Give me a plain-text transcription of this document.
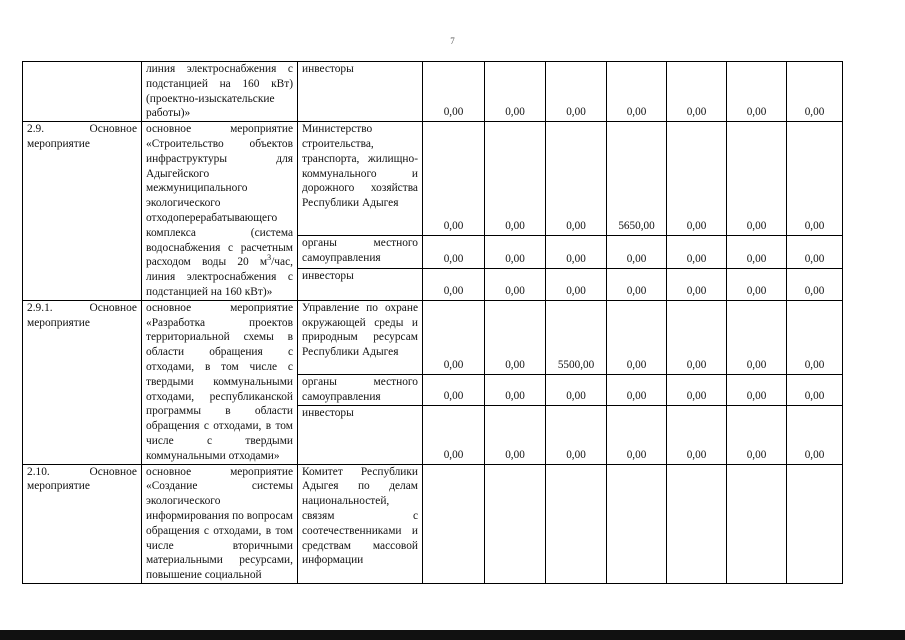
7
	линия электроснабжения с подстанцией на 160 кВт) (проектно-изыскательские работы)»	инвесторы	0,00	0,00	0,00	0,00	0,00	0,00	0,00
2.9. Основное мероприятие	основное мероприятие «Строительство объектов инфраструктуры для Адыгейского межмуниципального экологического отходоперерабатывающего комплекса (система водоснабжения с расчетным расходом воды 20 $м^3$/час, линия электроснабжения с подстанцией на 160 кВт)»	Министерство строительства, транспорта, жилищно-коммунального и дорожного хозяйства Республики Адыгея	0,00	0,00	0,00	5650,00	0,00	0,00	0,00
		органы местного самоуправления	0,00	0,00	0,00	0,00	0,00	0,00	0,00
		инвесторы	0,00	0,00	0,00	0,00	0,00	0,00	0,00
2.9.1. Основное мероприятие	основное мероприятие «Разработка проектов территориальной схемы в области обращения с отходами, в том числе с твердыми коммунальными отходами, республиканской программы в области обращения с отходами, в том числе с твердыми коммунальными отходами»	Управление по охране окружающей среды и природным ресурсам Республики Адыгея	0,00	0,00	5500,00	0,00	0,00	0,00	0,00
		органы местного самоуправления	0,00	0,00	0,00	0,00	0,00	0,00	0,00
		инвесторы	0,00	0,00	0,00	0,00	0,00	0,00	0,00
2.10. Основное мероприятие	основное мероприятие «Создание системы экологического информирования по вопросам обращения с отходами, в том числе вторичными материальными ресурсами, повышение социальной	Комитет Республики Адыгея по делам национальностей, связям с соотечественниками и средствам массовой информации							
